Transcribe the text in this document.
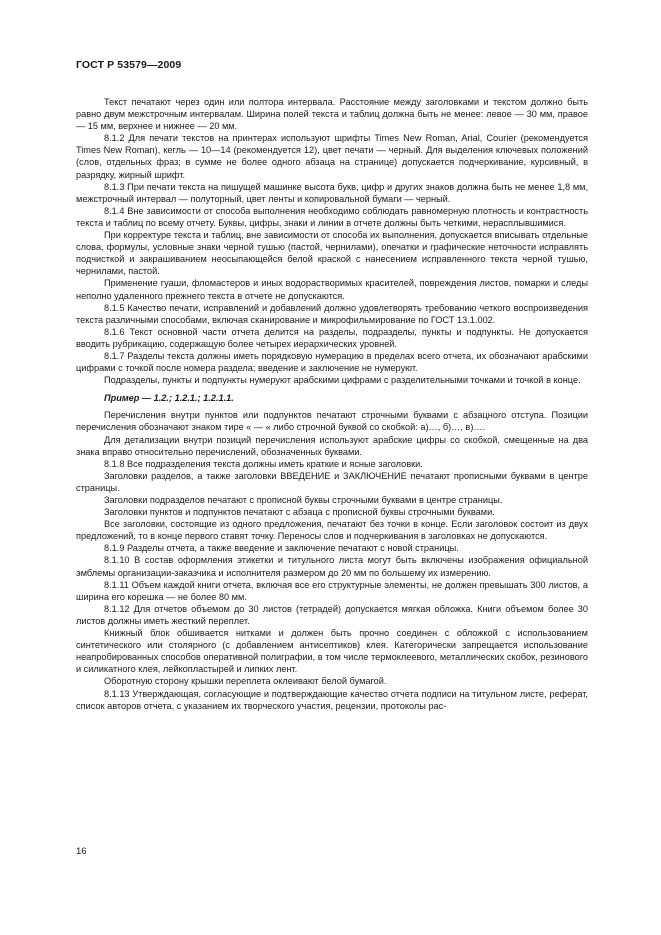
ГОСТ Р 53579—2009

Текст печатают через один или полтора интервала. Расстояние между заголовками и текстом должно быть равно двум межстрочным интервалам. Ширина полей текста и таблиц должна быть не менее: левое — 30 мм, правое — 15 мм, верхнее и нижнее — 20 мм.

8.1.2 Для печати текстов на принтерах используют шрифты Times New Roman, Arial, Courier (рекомендуется Times New Roman), кегль — 10—14 (рекомендуется 12), цвет печати — черный. Для выделения ключевых положений (слов, отдельных фраз; в сумме не более одного абзаца на странице) допускается подчеркивание, курсивный, в разрядку, жирный шрифт.

8.1.3 При печати текста на пишущей машинке высота букв, цифр и других знаков должна быть не менее 1,8 мм, межстрочный интервал — полуторный, цвет ленты и копировальной бумаги — черный.

8.1.4 Вне зависимости от способа выполнения необходимо соблюдать равномерную плотность и контрастность текста и таблиц по всему отчету. Буквы, цифры, знаки и линии в отчете должны быть четкими, нерасплывшимися.

При корректуре текста и таблиц, вне зависимости от способа их выполнения, допускается вписывать отдельные слова, формулы, условные знаки черной тушью (пастой, чернилами), опечатки и графические неточности исправлять подчисткой и закрашиванием неосыпающейся белой краской с нанесением исправленного текста черной тушью, чернилами, пастой.

Применение гуаши, фломастеров и иных водорастворимых красителей, повреждения листов, помарки и следы неполно удаленного прежнего текста в отчете не допускаются.

8.1.5 Качество печати, исправлений и добавлений должно удовлетворять требованию четкого воспроизведения текста различными способами, включая сканирование и микрофильмирование по ГОСТ 13.1.002.

8.1.6 Текст основной части отчета делится на разделы, подразделы, пункты и подпункты. Не допускается вводить рубрикацию, содержащую более четырех иерархических уровней.

8.1.7 Разделы текста должны иметь порядковую нумерацию в пределах всего отчета, их обозначают арабскими цифрами с точкой после номера раздела; введение и заключение не нумеруют.

Подразделы, пункты и подпункты нумеруют арабскими цифрами с разделительными точками и точкой в конце.

Пример — 1.2.; 1.2.1.; 1.2.1.1.

Перечисления внутри пунктов или подпунктов печатают строчными буквами с абзацного отступа. Позиции перечисления обозначают знаком тире « — « либо строчной буквой со скобкой: а)…, б)…, в)….

Для детализации внутри позиций перечисления используют арабские цифры со скобкой, смещенные на два знака вправо относительно перечислений, обозначенных буквами.

8.1.8 Все подразделения текста должны иметь краткие и ясные заголовки.

Заголовки разделов, а также заголовки ВВЕДЕНИЕ и ЗАКЛЮЧЕНИЕ печатают прописными буквами в центре страницы.

Заголовки подразделов печатают с прописной буквы строчными буквами в центре страницы.

Заголовки пунктов и подпунктов печатают с абзаца с прописной буквы строчными буквами.

Все заголовки, состоящие из одного предложения, печатают без точки в конце. Если заголовок состоит из двух предложений, то в конце первого ставят точку. Переносы слов и подчеркивания в заголовках не допускаются.

8.1.9 Разделы отчета, а также введение и заключение печатают с новой страницы.

8.1.10 В состав оформления этикетки и титульного листа могут быть включены изображения официальной эмблемы организации-заказчика и исполнителя размером до 20 мм по большему их измерению.

8.1.11 Объем каждой книги отчета, включая все его структурные элементы, не должен превышать 300 листов, а ширина его корешка — не более 80 мм.

8.1.12 Для отчетов объемом до 30 листов (тетрадей) допускается мягкая обложка. Книги объемом более 30 листов должны иметь жесткий переплет.

Книжный блок обшивается нитками и должен быть прочно соединен с обложкой с использованием синтетического или столярного (с добавлением антисептиков) клея. Категорически запрещается использование неапробированных способов оперативной полиграфии, в том числе термоклеевого, металлических скобок, резинового и силикатного клея, лейкопластырей и липких лент.

Оборотную сторону крышки переплета оклеивают белой бумагой.

8.1.13 Утверждающая, согласующие и подтверждающие качество отчета подписи на титульном листе, реферат, список авторов отчета, с указанием их творческого участия, рецензии, протоколы рас-

16
